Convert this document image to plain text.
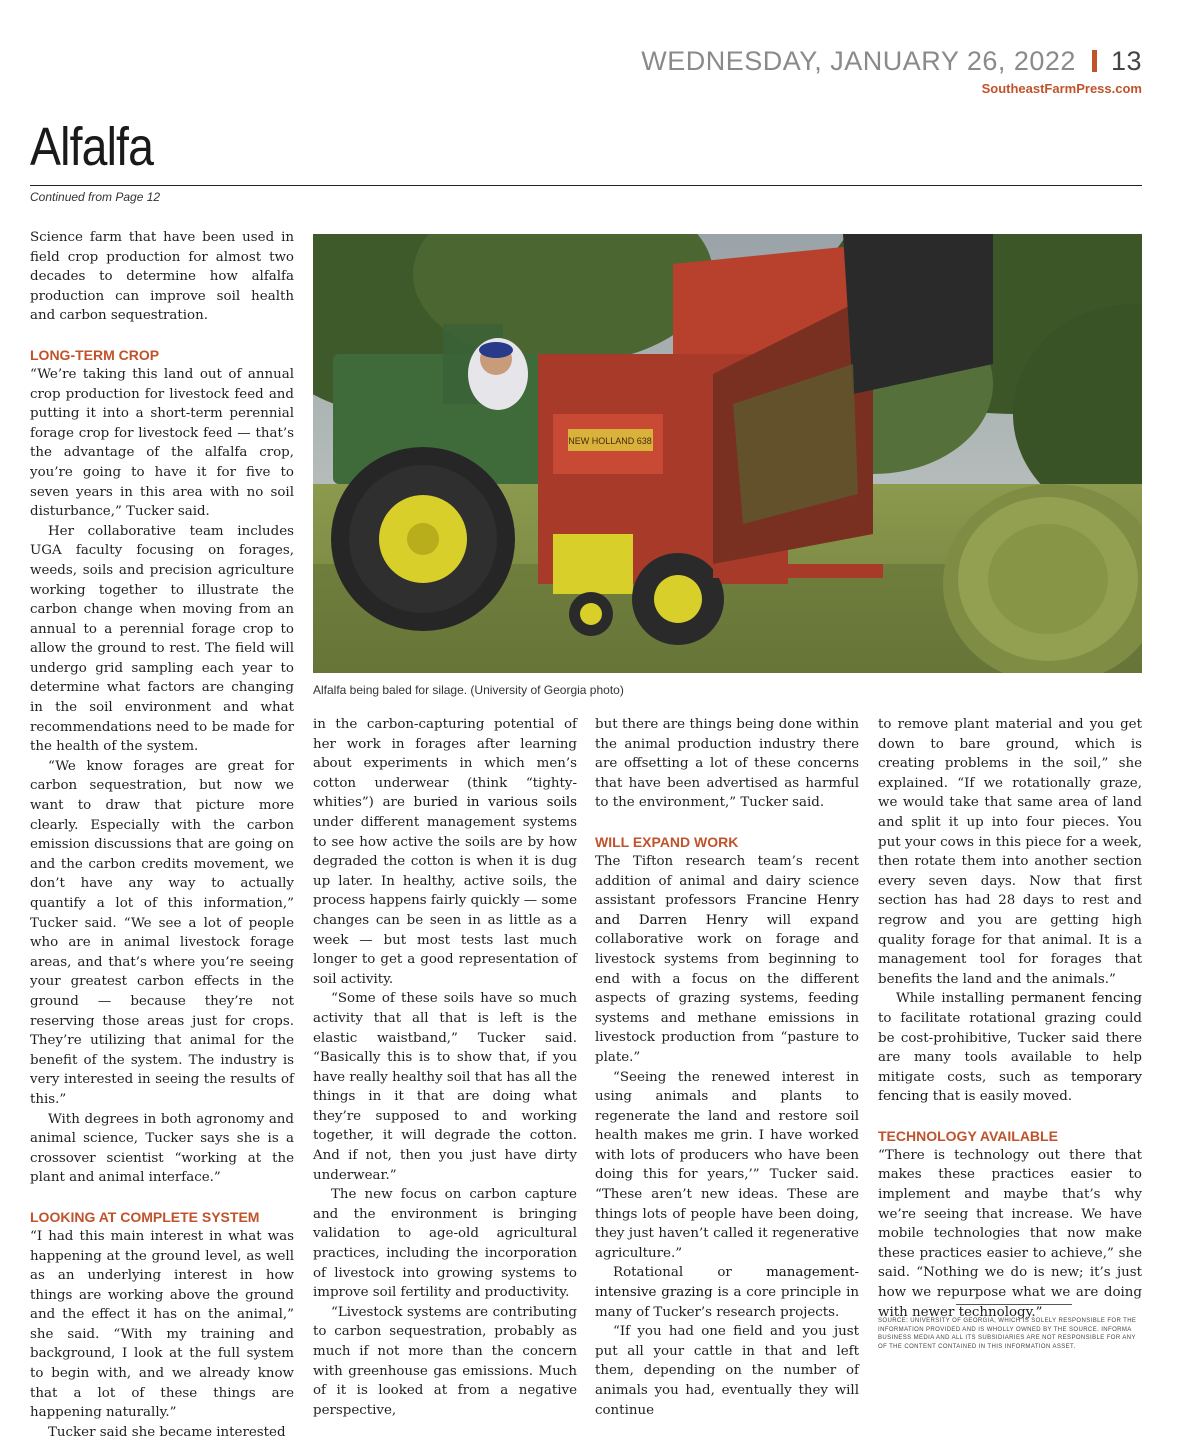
WEDNESDAY, JANUARY 26, 2022 13
SoutheastFarmPress.com
Alfalfa
Continued from Page 12

Science farm that have been used in field crop production for almost two decades to determine how alfalfa production can improve soil health and carbon sequestration.

LONG-TERM CROP

“We’re taking this land out of annual crop production for livestock feed and putting it into a short-term perennial forage crop for livestock feed — that’s the advantage of the alfalfa crop, you’re going to have it for five to seven years in this area with no soil disturbance,” Tucker said.

Her collaborative team includes UGA faculty focusing on forages, weeds, soils and precision agriculture working together to illustrate the carbon change when moving from an annual to a perennial forage crop to allow the ground to rest. The field will undergo grid sampling each year to determine what factors are changing in the soil environment and what recommendations need to be made for the health of the system.

“We know forages are great for carbon sequestration, but now we want to draw that picture more clearly. Especially with the carbon emission discussions that are going on and the carbon credits movement, we don’t have any way to actually quantify a lot of this information,” Tucker said. “We see a lot of people who are in animal livestock forage areas, and that’s where you’re seeing your greatest carbon effects in the ground — because they’re not reserving those areas just for crops. They’re utilizing that animal for the benefit of the system. The industry is very interested in seeing the results of this.”

With degrees in both agronomy and animal science, Tucker says she is a crossover scientist “working at the plant and animal interface.”

LOOKING AT COMPLETE SYSTEM

“I had this main interest in what was happening at the ground level, as well as an underlying interest in how things are working above the ground and the effect it has on the animal,” she said. “With my training and background, I look at the full system to begin with, and we already know that a lot of these things are happening naturally.”

Tucker said she became interested

NEW HOLLAND 638
Alfalfa being baled for silage. (University of Georgia photo)

in the carbon-capturing potential of her work in forages after learning about experiments in which men’s cotton underwear (think “tighty-whities”) are buried in various soils under different management systems to see how active the soils are by how degraded the cotton is when it is dug up later. In healthy, active soils, the process happens fairly quickly — some changes can be seen in as little as a week — but most tests last much longer to get a good representation of soil activity.

“Some of these soils have so much activity that all that is left is the elastic waistband,” Tucker said. “Basically this is to show that, if you have really healthy soil that has all the things in it that are doing what they’re supposed to and working together, it will degrade the cotton. And if not, then you just have dirty underwear.”

The new focus on carbon capture and the environment is bringing validation to age-old agricultural practices, including the incorporation of livestock into growing systems to improve soil fertility and productivity.

“Livestock systems are contributing to carbon sequestration, probably as much if not more than the concern with greenhouse gas emissions. Much of it is looked at from a negative perspective,

but there are things being done within the animal production industry there are offsetting a lot of these concerns that have been advertised as harmful to the environment,” Tucker said.

WILL EXPAND WORK

The Tifton research team’s recent addition of animal and dairy science assistant professors Francine Henry and Darren Henry will expand collaborative work on forage and livestock systems from beginning to end with a focus on the different aspects of grazing systems, feeding systems and methane emissions in livestock production from “pasture to plate.”

“Seeing the renewed interest in using animals and plants to regenerate the land and restore soil health makes me grin. I have worked with lots of producers who have been doing this for years,’” Tucker said. “These aren’t new ideas. These are things lots of people have been doing, they just haven’t called it regenerative agriculture.”

Rotational or management-intensive grazing is a core principle in many of Tucker’s research projects.

“If you had one field and you just put all your cattle in that and left them, depending on the number of animals you had, eventually they will continue

to remove plant material and you get down to bare ground, which is creating problems in the soil,” she explained. “If we rotationally graze, we would take that same area of land and split it up into four pieces. You put your cows in this piece for a week, then rotate them into another section every seven days. Now that first section has had 28 days to rest and regrow and you are getting high quality forage for that animal. It is a management tool for forages that benefits the land and the animals.”

While installing permanent fencing to facilitate rotational grazing could be cost-prohibitive, Tucker said there are many tools available to help mitigate costs, such as temporary fencing that is easily moved.

TECHNOLOGY AVAILABLE

“There is technology out there that makes these practices easier to implement and maybe that’s why we’re seeing that increase. We have mobile technologies that now make these practices easier to achieve,” she said. “Nothing we do is new; it’s just how we repurpose what we are doing with newer technology.”

SOURCE: UNIVERSITY OF GEORGIA, WHICH IS SOLELY RESPONSIBLE FOR THE INFORMATION PROVIDED AND IS WHOLLY OWNED BY THE SOURCE. INFORMA BUSINESS MEDIA AND ALL ITS SUBSIDIARIES ARE NOT RESPONSIBLE FOR ANY OF THE CONTENT CONTAINED IN THIS INFORMATION ASSET.
